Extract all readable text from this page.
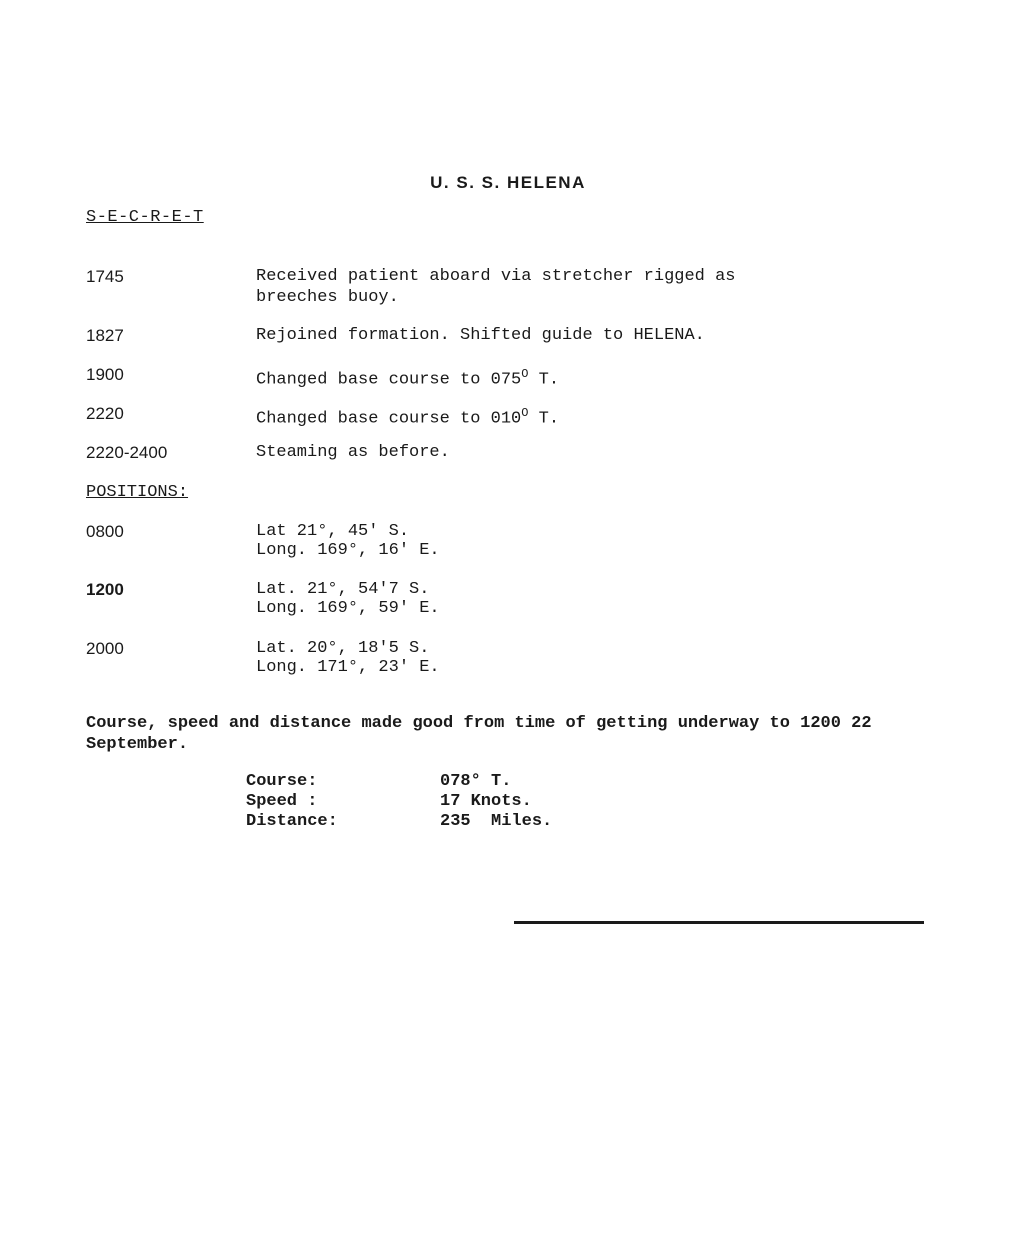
U. S. S. HELENA
S-E-C-R-E-T
1745	Received patient aboard via stretcher rigged as
breeches buoy.
1827	Rejoined formation. Shifted guide to HELENA.
1900	Changed base course to $075^O$ T.
2220	Changed base course to $010^O$ T.
2220-2400	Steaming as before.
POSITIONS:
0800	Lat 21°, 45' S.
Long. 169°, 16' E.
1200	Lat. 21°, 54'7 S.
Long. 169°, 59' E.
2000	Lat. 20°, 18'5 S.
Long. 171°, 23' E.
Course, speed and distance made good from time of getting underway to 1200 22 September.
Course:	078° T.
Speed :	17 Knots.
Distance:	235  Miles.
